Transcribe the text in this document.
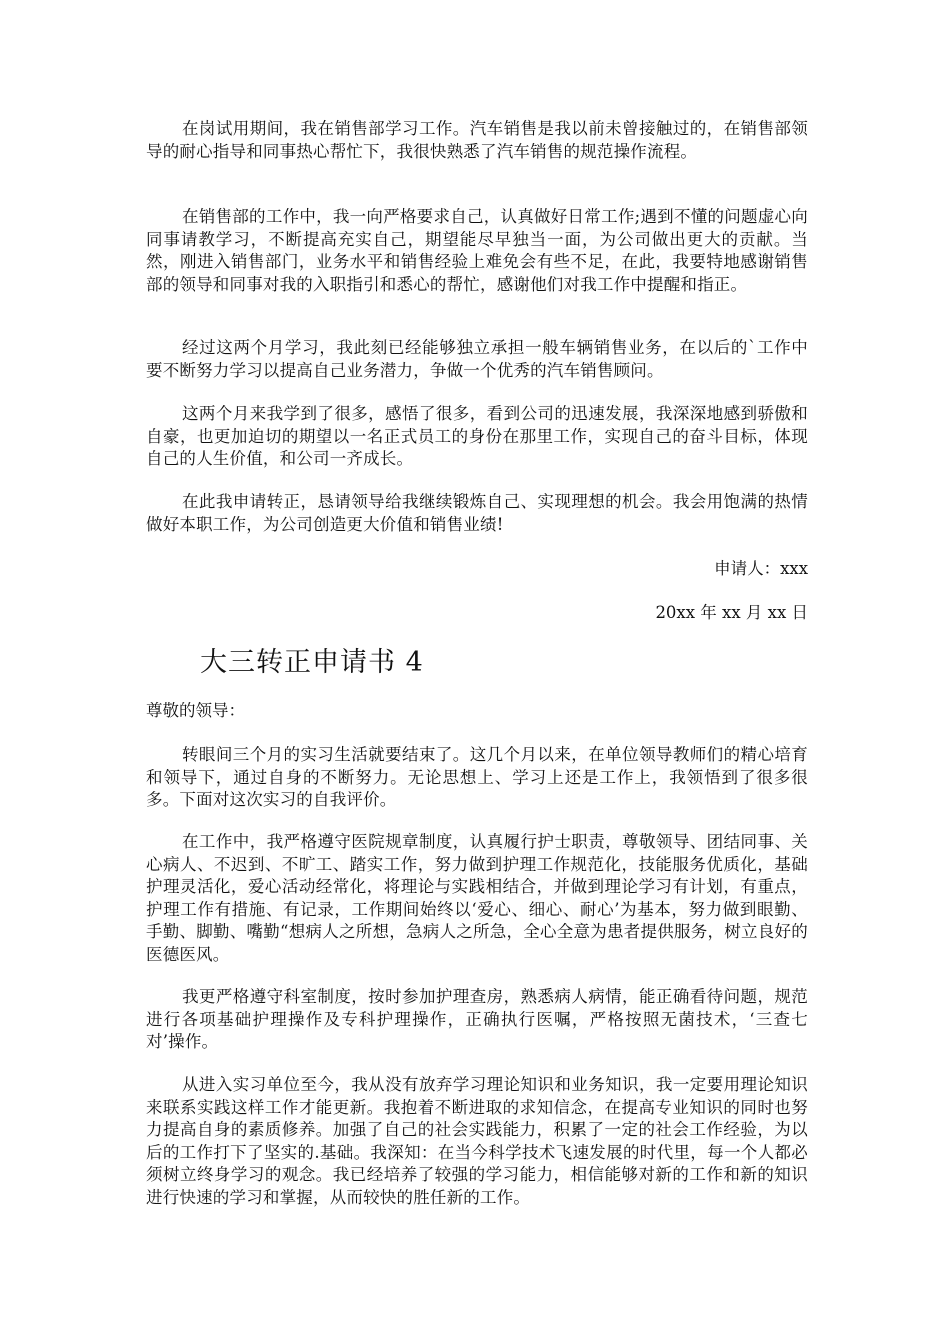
在岗试用期间，我在销售部学习工作。汽车销售是我以前未曾接触过的，在销售部领导的耐心指导和同事热心帮忙下，我很快熟悉了汽车销售的规范操作流程。

在销售部的工作中，我一向严格要求自己，认真做好日常工作;遇到不懂的问题虚心向同事请教学习，不断提高充实自己，期望能尽早独当一面，为公司做出更大的贡献。当然，刚进入销售部门，业务水平和销售经验上难免会有些不足，在此，我要特地感谢销售部的领导和同事对我的入职指引和悉心的帮忙，感谢他们对我工作中提醒和指正。

经过这两个月学习，我此刻已经能够独立承担一般车辆销售业务，在以后的`工作中要不断努力学习以提高自己业务潜力，争做一个优秀的汽车销售顾问。

这两个月来我学到了很多，感悟了很多，看到公司的迅速发展，我深深地感到骄傲和自豪，也更加迫切的期望以一名正式员工的身份在那里工作，实现自己的奋斗目标，体现自己的人生价值，和公司一齐成长。

在此我申请转正，恳请领导给我继续锻炼自己、实现理想的机会。我会用饱满的热情做好本职工作，为公司创造更大价值和销售业绩!

申请人：xxx

20xx 年 xx 月 xx 日

大三转正申请书 4

尊敬的领导：

转眼间三个月的实习生活就要结束了。这几个月以来，在单位领导教师们的精心培育和领导下，通过自身的不断努力。无论思想上、学习上还是工作上，我领悟到了很多很多。下面对这次实习的自我评价。

在工作中，我严格遵守医院规章制度，认真履行护士职责，尊敬领导、团结同事、关心病人、不迟到、不旷工、踏实工作，努力做到护理工作规范化，技能服务优质化，基础护理灵活化，爱心活动经常化，将理论与实践相结合，并做到理论学习有计划，有重点，护理工作有措施、有记录，工作期间始终以‘爱心、细心、耐心’为基本，努力做到眼勤、手勤、脚勤、嘴勤“想病人之所想，急病人之所急，全心全意为患者提供服务，树立良好的医德医风。

我更严格遵守科室制度，按时参加护理查房，熟悉病人病情，能正确看待问题，规范进行各项基础护理操作及专科护理操作，正确执行医嘱，严格按照无菌技术，‘三查七对’操作。

从进入实习单位至今，我从没有放弃学习理论知识和业务知识，我一定要用理论知识来联系实践这样工作才能更新。我抱着不断进取的求知信念，在提高专业知识的同时也努力提高自身的素质修养。加强了自己的社会实践能力，积累了一定的社会工作经验，为以后的工作打下了坚实的.基础。我深知：在当今科学技术飞速发展的时代里，每一个人都必须树立终身学习的观念。我已经培养了较强的学习能力，相信能够对新的工作和新的知识进行快速的学习和掌握，从而较快的胜任新的工作。
